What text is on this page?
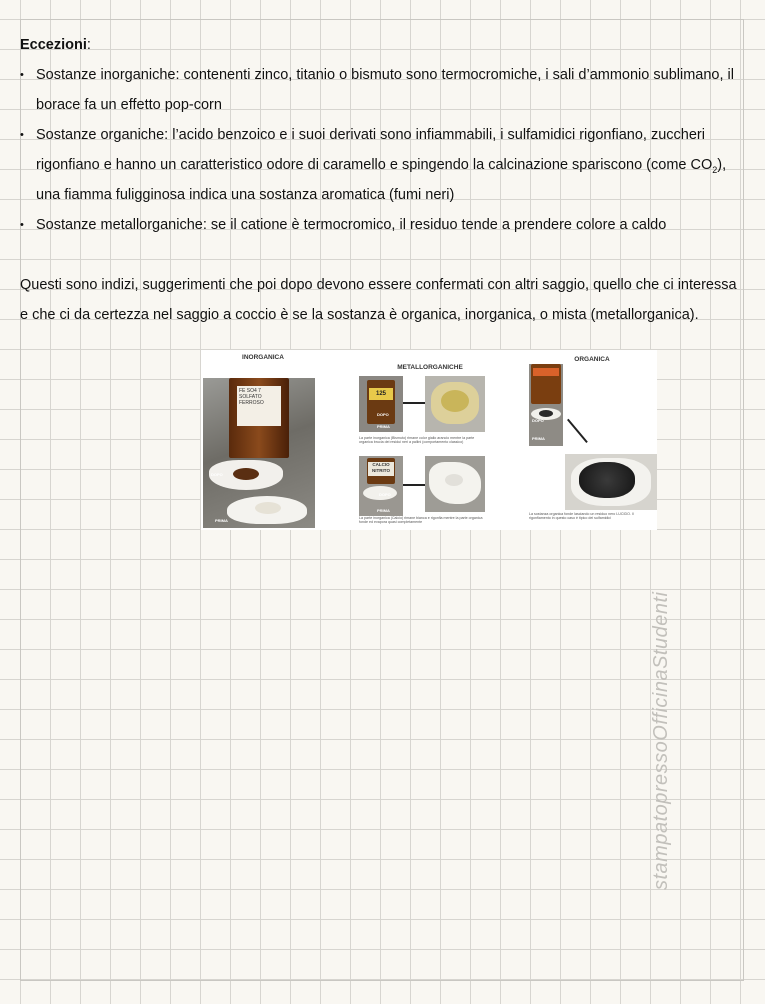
Eccezioni:

• Sostanze inorganiche: contenenti zinco, titanio o bismuto sono termocromiche, i sali d’ammonio sublimano, il borace fa un effetto pop-corn
• Sostanze organiche: l’acido benzoico e i suoi derivati sono infiammabili, i sulfamidici rigonfiano, zuccheri rigonfiano e hanno un caratteristico odore di caramello e spingendo la calcinazione spariscono (come $CO_2$), una fiamma fuligginosa indica una sostanza aromatica (fumi neri)
• Sostanze metallorganiche: se il catione è termocromico, il residuo tende a prendere colore a caldo

Questi sono indizi, suggerimenti che poi dopo devono essere confermati con altri saggio, quello che ci interessa e che ci da certezza nel saggio a coccio è se la sostanza è organica, inorganica, o mista (metallorganica).

INORGANICA
FE SO4 7
SOLFATO
FERROSO
DOPO
PRIMA
METALLORGANICHE
125
DOPO
PRIMA
La parte inorganica (Bismuto) rimane color giallo arancio mentre la parte organica brucia dei residui neri a pallini (comportamento classico)
CALCIO
NITRITO
DOPO
PRIMA
La parte inorganica (Calcio) rimane bianca e rigonfia mentre la parte organica fonde ed evapora quasi completamente
ORGANICA
DOPO
PRIMA
La sostanza organica fonde lasciando un residuo nero LUCIDO. Il rigonfiamento in questo caso è tipico dei sulfamidici
stampatopressoOfficinaStudenti
